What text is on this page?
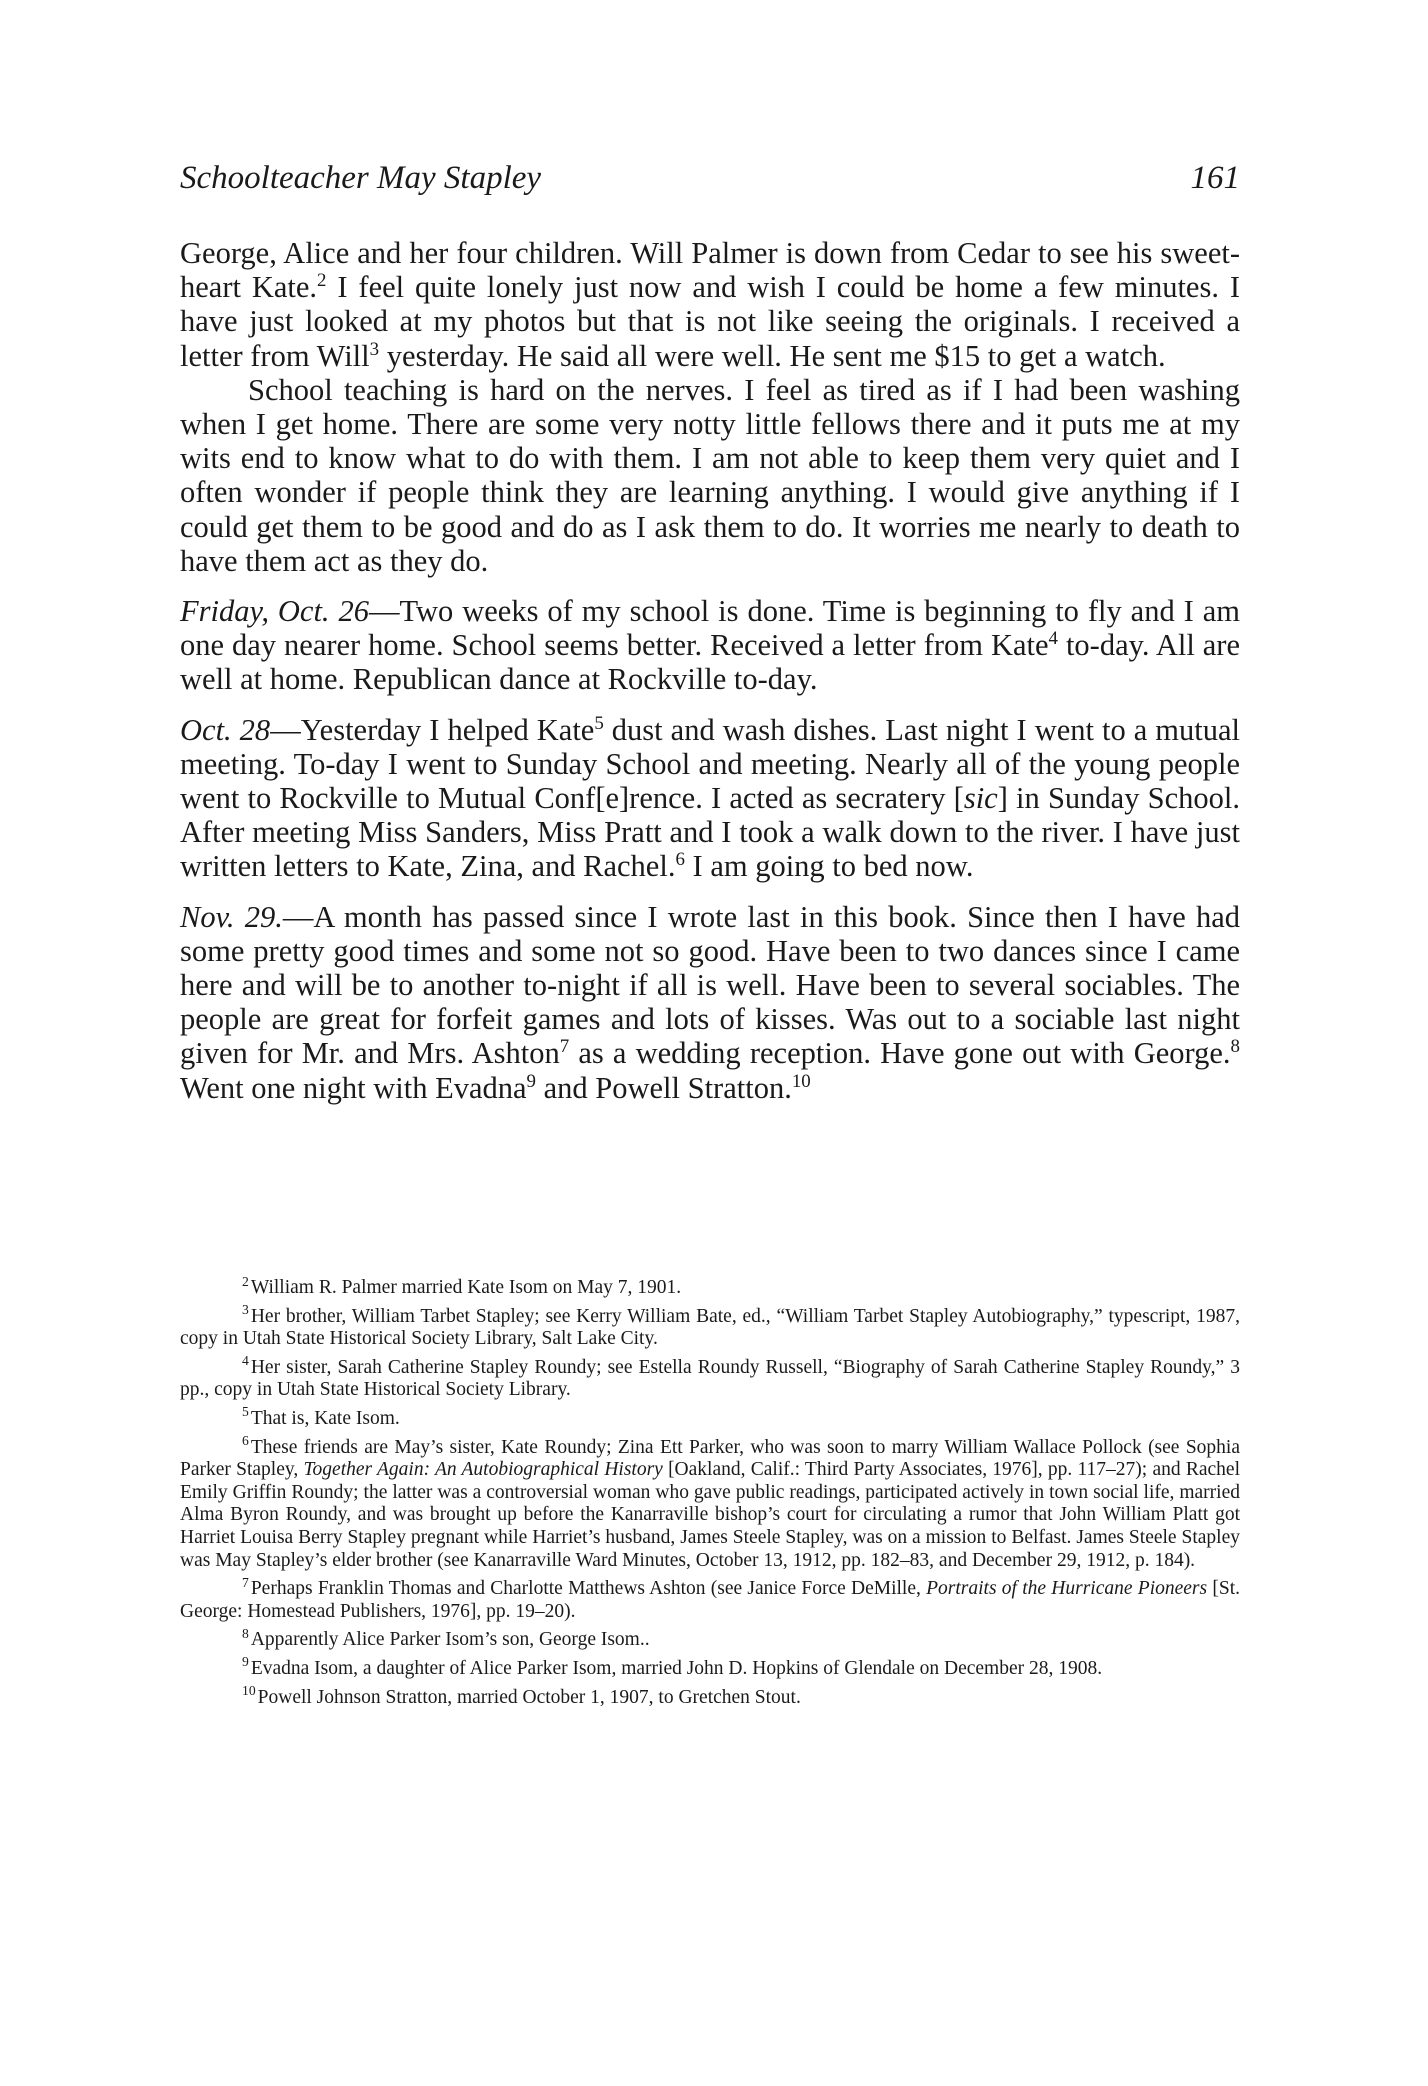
Schoolteacher May Stapley	161

George, Alice and her four children. Will Palmer is down from Cedar to see his sweet-heart Kate.$^2$ I feel quite lonely just now and wish I could be home a few minutes. I have just looked at my photos but that is not like seeing the originals. I received a letter from Will$^3$ yesterday. He said all were well. He sent me $15 to get a watch.

School teaching is hard on the nerves. I feel as tired as if I had been washing when I get home. There are some very notty little fellows there and it puts me at my wits end to know what to do with them. I am not able to keep them very quiet and I often wonder if people think they are learning anything. I would give anything if I could get them to be good and do as I ask them to do. It worries me nearly to death to have them act as they do.

Friday, Oct. 26—Two weeks of my school is done. Time is beginning to fly and I am one day nearer home. School seems better. Received a letter from Kate$^4$ to-day. All are well at home. Republican dance at Rockville to-day.

Oct. 28—Yesterday I helped Kate$^5$ dust and wash dishes. Last night I went to a mutual meeting. To-day I went to Sunday School and meeting. Nearly all of the young people went to Rockville to Mutual Conf[e]rence. I acted as secratery [sic] in Sunday School. After meeting Miss Sanders, Miss Pratt and I took a walk down to the river. I have just written letters to Kate, Zina, and Rachel.$^6$ I am going to bed now.

Nov. 29.—A month has passed since I wrote last in this book. Since then I have had some pretty good times and some not so good. Have been to two dances since I came here and will be to another to-night if all is well. Have been to several sociables. The people are great for forfeit games and lots of kisses. Was out to a sociable last night given for Mr. and Mrs. Ashton$^7$ as a wedding reception. Have gone out with George.$^8$ Went one night with Evadna$^9$ and Powell Stratton.$^{10}$

$^2$ William R. Palmer married Kate Isom on May 7, 1901.

$^3$ Her brother, William Tarbet Stapley; see Kerry William Bate, ed., “William Tarbet Stapley Autobiography,” typescript, 1987, copy in Utah State Historical Society Library, Salt Lake City.

$^4$ Her sister, Sarah Catherine Stapley Roundy; see Estella Roundy Russell, “Biography of Sarah Catherine Stapley Roundy,” 3 pp., copy in Utah State Historical Society Library.

$^5$ That is, Kate Isom.

$^6$ These friends are May’s sister, Kate Roundy; Zina Ett Parker, who was soon to marry William Wallace Pollock (see Sophia Parker Stapley, Together Again: An Autobiographical History [Oakland, Calif.: Third Party Associates, 1976], pp. 117–27); and Rachel Emily Griffin Roundy; the latter was a controversial woman who gave public readings, participated actively in town social life, married Alma Byron Roundy, and was brought up before the Kanarraville bishop’s court for circulating a rumor that John William Platt got Harriet Louisa Berry Stapley pregnant while Harriet’s husband, James Steele Stapley, was on a mission to Belfast. James Steele Stapley was May Stapley’s elder brother (see Kanarraville Ward Minutes, October 13, 1912, pp. 182–83, and December 29, 1912, p. 184).

$^7$ Perhaps Franklin Thomas and Charlotte Matthews Ashton (see Janice Force DeMille, Portraits of the Hurricane Pioneers [St. George: Homestead Publishers, 1976], pp. 19–20).

$^8$ Apparently Alice Parker Isom’s son, George Isom..

$^9$ Evadna Isom, a daughter of Alice Parker Isom, married John D. Hopkins of Glendale on December 28, 1908.

$^{10}$ Powell Johnson Stratton, married October 1, 1907, to Gretchen Stout.
